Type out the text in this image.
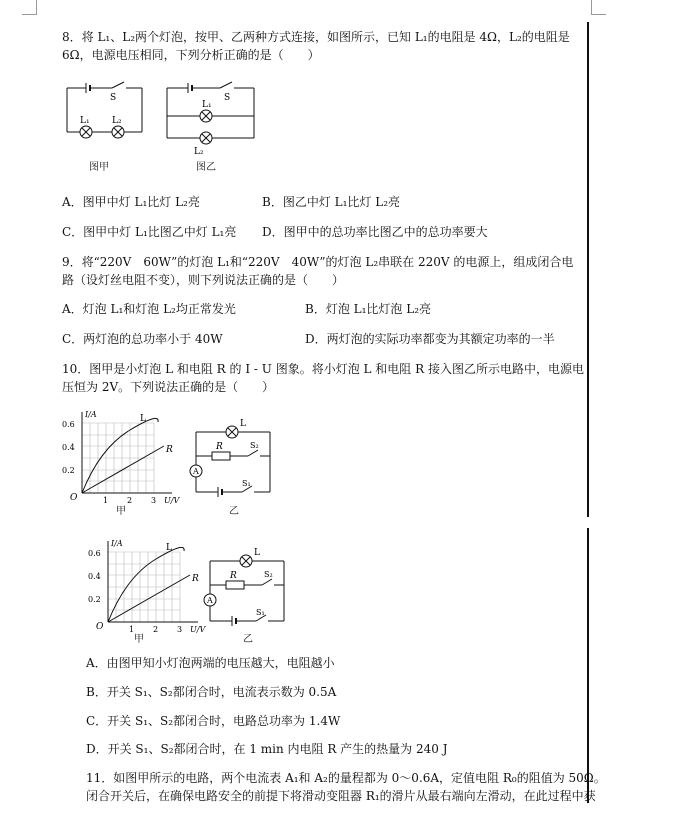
8．将 L₁、L₂两个灯泡，按甲、乙两种方式连接，如图所示，已知 L₁的电阻是 4Ω，L₂的电阻是
6Ω，电源电压相同，下列分析正确的是（　　）
S
L₁ L₂
图甲
S
L₁
L₂
图乙
A．图甲中灯 L₁比灯 L₂亮	B．图乙中灯 L₁比灯 L₂亮
C．图甲中灯 L₁比图乙中灯 L₁亮 D．图甲中的总功率比图乙中的总功率要大
9．将“220V　60W”的灯泡 L₁和“220V　40W”的灯泡 L₂串联在 220V 的电源上，组成闭合电
路（设灯丝电阻不变），则下列说法正确的是（　　）
A．灯泡 L₁和灯泡 L₂均正常发光	B．灯泡 L₁比灯泡 L₂亮
C．两灯泡的总功率小于 40W	D．两灯泡的实际功率都变为其额定功率的一半
10．图甲是小灯泡 L 和电阻 R 的 I - U 图象。将小灯泡 L 和电阻 R 接入图乙所示电路中，电源电
压恒为 2V。下列说法正确的是（　　）
I/A	L
R
0.6
0.4
0.2
O	1 2 3 U/V
甲
A
L
R	S₂
S₁
乙
I/A	L
R
0.6
0.4
0.2
O	1 2 3 U/V
甲
A
L
R	S₂
S₁
乙
A．由图甲知小灯泡两端的电压越大，电阻越小
B．开关 S₁、S₂都闭合时，电流表示数为 0.5A
C．开关 S₁、S₂都闭合时，电路总功率为 1.4W
D．开关 S₁、S₂都闭合时，在 1 min 内电阻 R 产生的热量为 240 J
11．如图甲所示的电路，两个电流表 A₁和 A₂的量程都为 0～0.6A，定值电阻 R₀的阻值为 50Ω。
闭合开关后，在确保电路安全的前提下将滑动变阻器 R₁的滑片从最右端向左滑动，在此过程中获
